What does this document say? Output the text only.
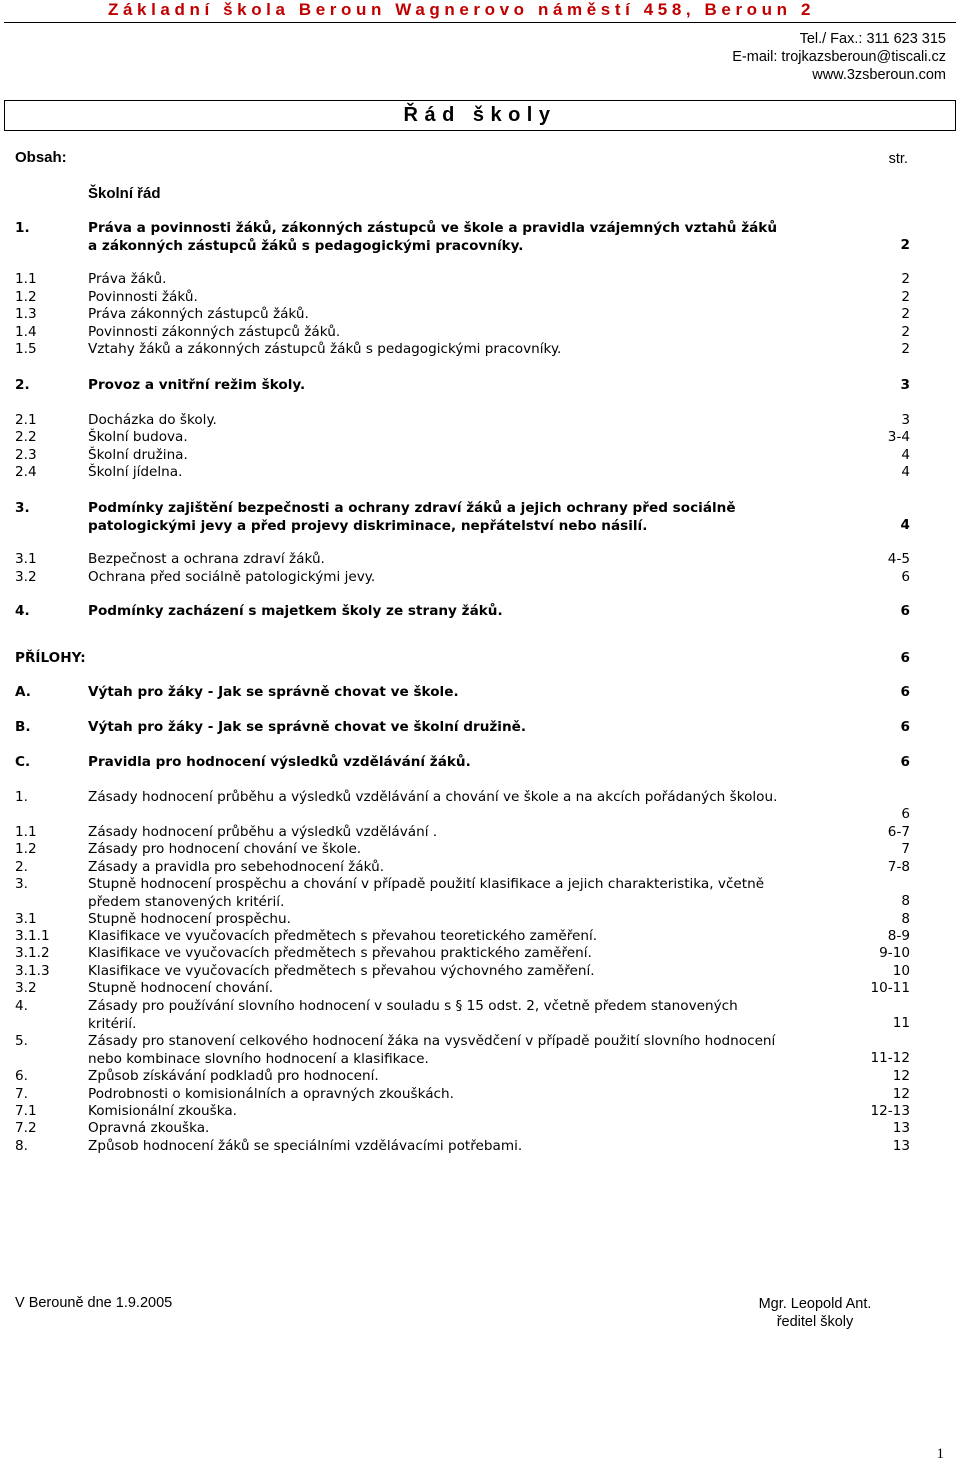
Základní škola Beroun Wagnerovo náměstí 458, Beroun 2
Tel./ Fax.: 311 623 315
E-mail: trojkazsberoun@tiscali.cz
www.3zsberoun.com
Řád školy
Obsah:	str.
Školní řád
1.	Práva a povinnosti žáků, zákonných zástupců ve škole a pravidla vzájemných vztahů žáků a zákonných zástupců žáků s pedagogickými pracovníky.	2
1.1	Práva žáků.	2
1.2	Povinnosti žáků.	2
1.3	Práva zákonných zástupců žáků.	2
1.4	Povinnosti zákonných zástupců žáků.	2
1.5	Vztahy žáků a zákonných zástupců žáků s pedagogickými pracovníky.	2
2.	Provoz a vnitřní režim školy.	3
2.1	Docházka do školy.	3
2.2	Školní budova.	3-4
2.3	Školní družina.	4
2.4	Školní jídelna.	4
3.	Podmínky zajištění bezpečnosti a ochrany zdraví žáků a jejich ochrany před sociálně patologickými jevy a před projevy diskriminace, nepřátelství nebo násilí.	4
3.1	Bezpečnost a ochrana zdraví žáků.	4-5
3.2	Ochrana před sociálně patologickými jevy.	6
4.	Podmínky zacházení s majetkem školy ze strany žáků.	6
PŘÍLOHY:	6
A.	Výtah pro žáky - Jak se správně chovat ve škole.	6
B.	Výtah pro žáky - Jak se správně chovat ve školní družině.	6
C.	Pravidla pro hodnocení výsledků vzdělávání žáků.	6
1.	Zásady hodnocení průběhu a výsledků vzdělávání a chování ve škole a na akcích pořádaných školou.
6
1.1	Zásady hodnocení průběhu a výsledků vzdělávání .	6-7
1.2	Zásady pro hodnocení chování ve škole.	7
2.	Zásady a pravidla pro sebehodnocení žáků.	7-8
3.	Stupně hodnocení prospěchu a chování v případě použití klasifikace a jejich charakteristika, včetně předem stanovených kritérií.	8
3.1	Stupně hodnocení prospěchu.	8
3.1.1	Klasifikace ve vyučovacích předmětech s převahou teoretického zaměření.	8-9
3.1.2	Klasifikace ve vyučovacích předmětech s převahou praktického zaměření.	9-10
3.1.3	Klasifikace ve vyučovacích předmětech s převahou výchovného zaměření.	10
3.2	Stupně hodnocení chování.	10-11
4.	Zásady pro používání slovního hodnocení v souladu s § 15 odst. 2, včetně předem stanovených kritérií.	11
5.	Zásady pro stanovení celkového hodnocení žáka na vysvědčení v případě použití slovního hodnocení nebo kombinace slovního hodnocení a klasifikace.	11-12
6.	Způsob získávání podkladů pro hodnocení.	12
7.	Podrobnosti o komisionálních a opravných zkouškách.	12
7.1	Komisionální zkouška.	12-13
7.2	Opravná zkouška.	13
8.	Způsob hodnocení žáků se speciálními vzdělávacími potřebami.	13
V Berouně dne 1.9.2005	Mgr. Leopold Ant.
ředitel školy
1
